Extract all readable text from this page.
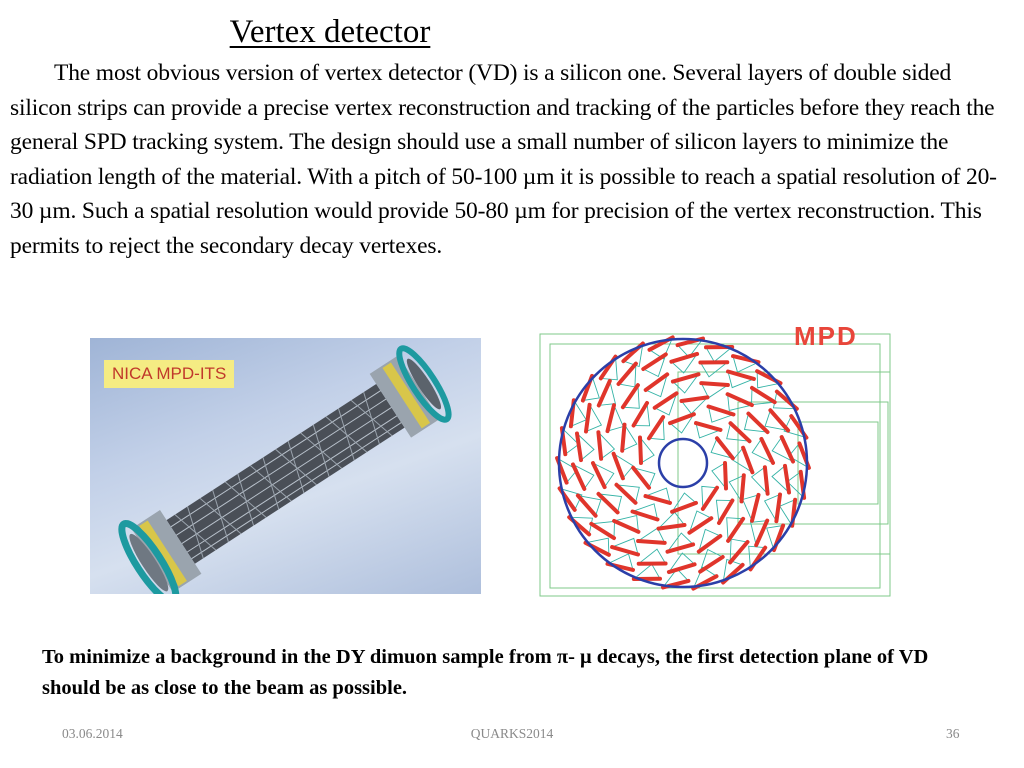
Vertex detector

The most obvious version of vertex detector (VD) is a silicon one. Several layers of double sided silicon strips can provide a precise vertex reconstruction and tracking of the particles before they reach the general SPD tracking system. The design should use a small number of silicon layers to minimize the radiation length of the material. With a pitch of 50-100 µm it is possible to reach a spatial resolution of 20-30 µm. Such a spatial resolution would provide 50-80 µm for precision of the vertex reconstruction. This permits to reject the secondary decay vertexes.

NICA MPD-ITS
MPD

To minimize a background in the DY dimuon sample from π- μ decays, the first detection plane of VD should be as close to the beam as possible.

03.06.2014	QUARKS2014	36
